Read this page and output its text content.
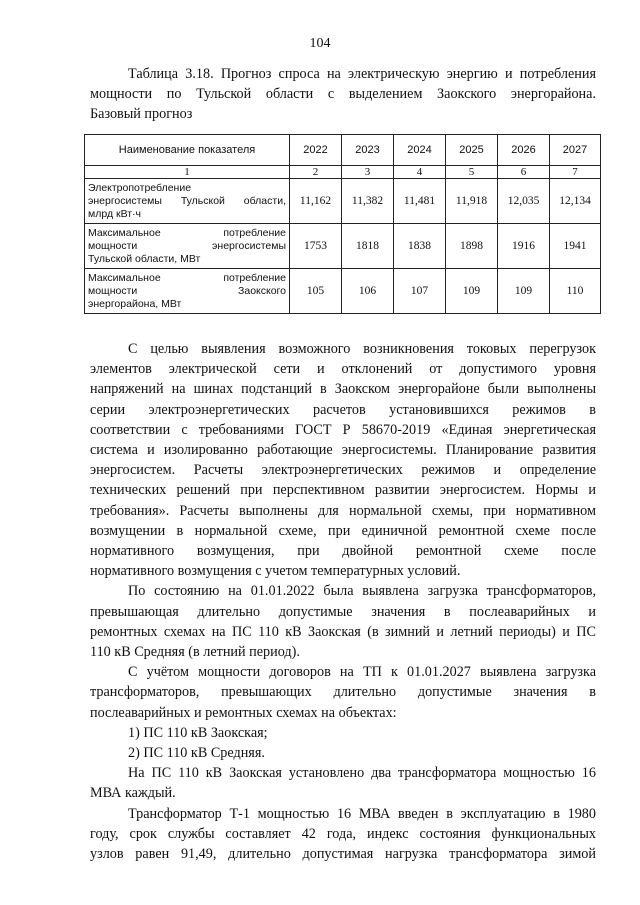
104
Таблица 3.18. Прогноз спроса на электрическую энергию и потребления
мощности по Тульской области с выделением Заокского энергорайона.
Базовый прогноз
Наименование показателя	2022	2023	2024	2025	2026	2027
1	2	3	4	5	6	7

Электропотребление
энергосистемы Тульской области,
млрд кВт·ч	11,162	11,382	11,481	11,918	12,035	12,134

Максимальное потребление
мощности энергосистемы
Тульской области, МВт	1753	1818	1838	1898	1916	1941

Максимальное потребление
мощности Заокского
энергорайона, МВт	105	106	107	109	109	110
С целью выявления возможного возникновения токовых перегрузок
элементов электрической сети и отклонений от допустимого уровня
напряжений на шинах подстанций в Заокском энергорайоне были выполнены
серии электроэнергетических расчетов установившихся режимов в
соответствии с требованиями ГОСТ Р 58670-2019 «Единая энергетическая
система и изолированно работающие энергосистемы. Планирование развития
энергосистем. Расчеты электроэнергетических режимов и определение
технических решений при перспективном развитии энергосистем. Нормы и
требования». Расчеты выполнены для нормальной схемы, при нормативном
возмущении в нормальной схеме, при единичной ремонтной схеме после
нормативного возмущения, при двойной ремонтной схеме после
нормативного возмущения с учетом температурных условий.
По состоянию на 01.01.2022 была выявлена загрузка трансформаторов,
превышающая длительно допустимые значения в послеаварийных и
ремонтных схемах на ПС 110 кВ Заокская (в зимний и летний периоды) и ПС
110 кВ Средняя (в летний период).
С учётом мощности договоров на ТП к 01.01.2027 выявлена загрузка
трансформаторов, превышающих длительно допустимые значения в
послеаварийных и ремонтных схемах на объектах:
1) ПС 110 кВ Заокская;
2) ПС 110 кВ Средняя.
На ПС 110 кВ Заокская установлено два трансформатора мощностью 16
МВА каждый.
Трансформатор Т-1 мощностью 16 МВА введен в эксплуатацию в 1980
году, срок службы составляет 42 года, индекс состояния функциональных
узлов равен 91,49, длительно допустимая нагрузка трансформатора зимой
